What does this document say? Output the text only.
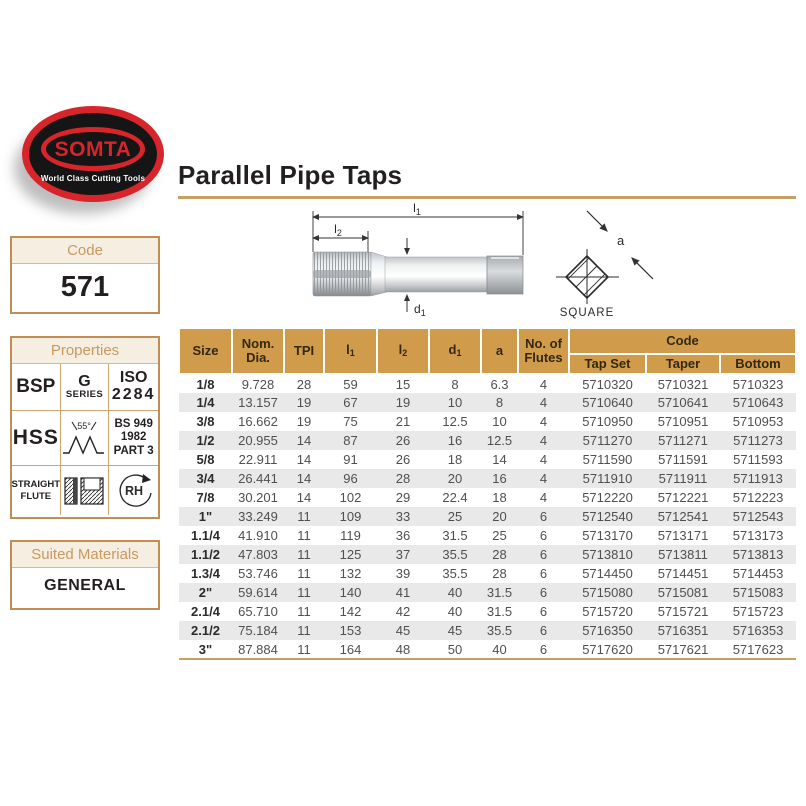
SOMTA
World Class Cutting Tools Parallel Pipe Taps
$l_1$
$l_2$
$d_1$
a
SQUARE
Code
571
Properties
BSP G
SERIES
ISO
2284
HSS 55° BS 949
1982
PART 3
STRAIGHT
FLUTE	RH
Suited Materials
GENERAL
Size	Nom. Dia.	TPI	$l_1$	$l_2$	$d_1$	a	No. of Flutes	Code		
								Tap Set	Taper	Bottom
1/8	9.728	28	59	15	8	6.3	4	5710320	5710321	5710323
1/4	13.157	19	67	19	10	8	4	5710640	5710641	5710643
3/8	16.662	19	75	21	12.5	10	4	5710950	5710951	5710953
1/2	20.955	14	87	26	16	12.5	4	5711270	5711271	5711273
5/8	22.911	14	91	26	18	14	4	5711590	5711591	5711593
3/4	26.441	14	96	28	20	16	4	5711910	5711911	5711913
7/8	30.201	14	102	29	22.4	18	4	5712220	5712221	5712223
1"	33.249	11	109	33	25	20	6	5712540	5712541	5712543
1.1/4	41.910	11	119	36	31.5	25	6	5713170	5713171	5713173
1.1/2	47.803	11	125	37	35.5	28	6	5713810	5713811	5713813
1.3/4	53.746	11	132	39	35.5	28	6	5714450	5714451	5714453
2"	59.614	11	140	41	40	31.5	6	5715080	5715081	5715083
2.1/4	65.710	11	142	42	40	31.5	6	5715720	5715721	5715723
2.1/2	75.184	11	153	45	45	35.5	6	5716350	5716351	5716353
3"	87.884	11	164	48	50	40	6	5717620	5717621	5717623
